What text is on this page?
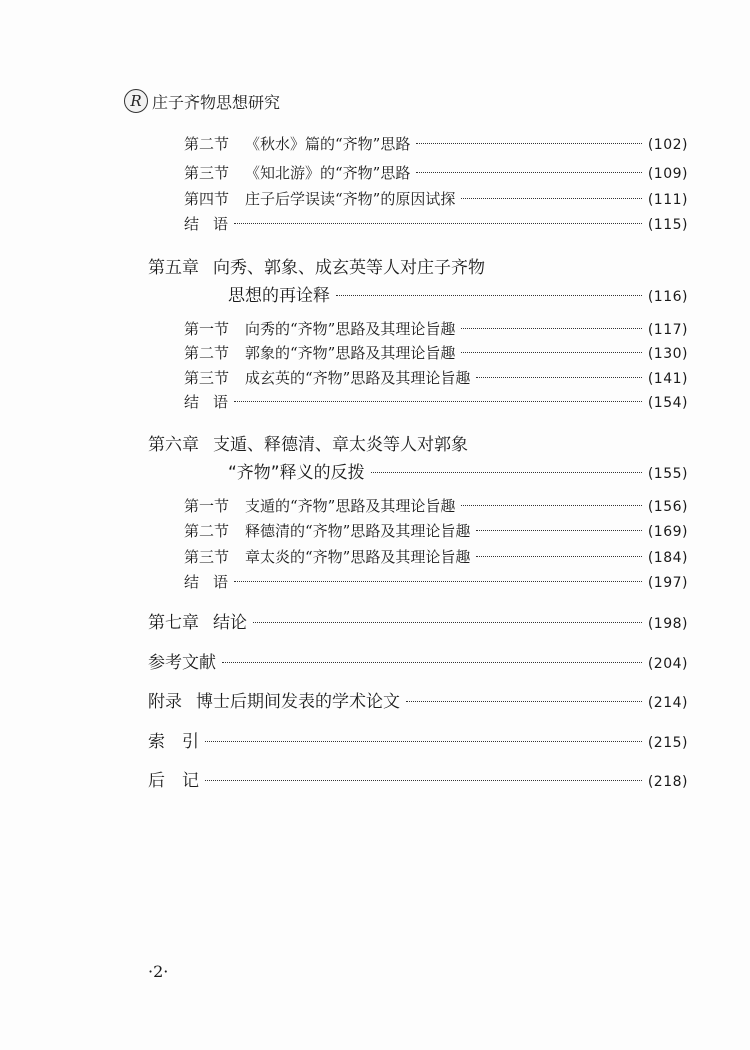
R 庄子齐物思想研究
第二节 《秋水》篇的“齐物”思路	(102)
第三节 《知北游》的“齐物”思路	(109)
第四节 庄子后学误读“齐物”的原因试探	(111)
结语	(115)
第五章 向秀、郭象、成玄英等人对庄子齐物
思想的再诠释	(116)
第一节 向秀的“齐物”思路及其理论旨趣	(117)
第二节 郭象的“齐物”思路及其理论旨趣	(130)
第三节 成玄英的“齐物”思路及其理论旨趣	(141)
结语	(154)
第六章 支遁、释德清、章太炎等人对郭象
“齐物”释义的反拨	(155)
第一节 支遁的“齐物”思路及其理论旨趣	(156)
第二节 释德清的“齐物”思路及其理论旨趣	(169)
第三节 章太炎的“齐物”思路及其理论旨趣	(184)
结语	(197)
第七章 结论	(198)
参考文献	(204)
附录 博士后期间发表的学术论文	(214)
索　引	(215)
后　记	(218)
·2·
